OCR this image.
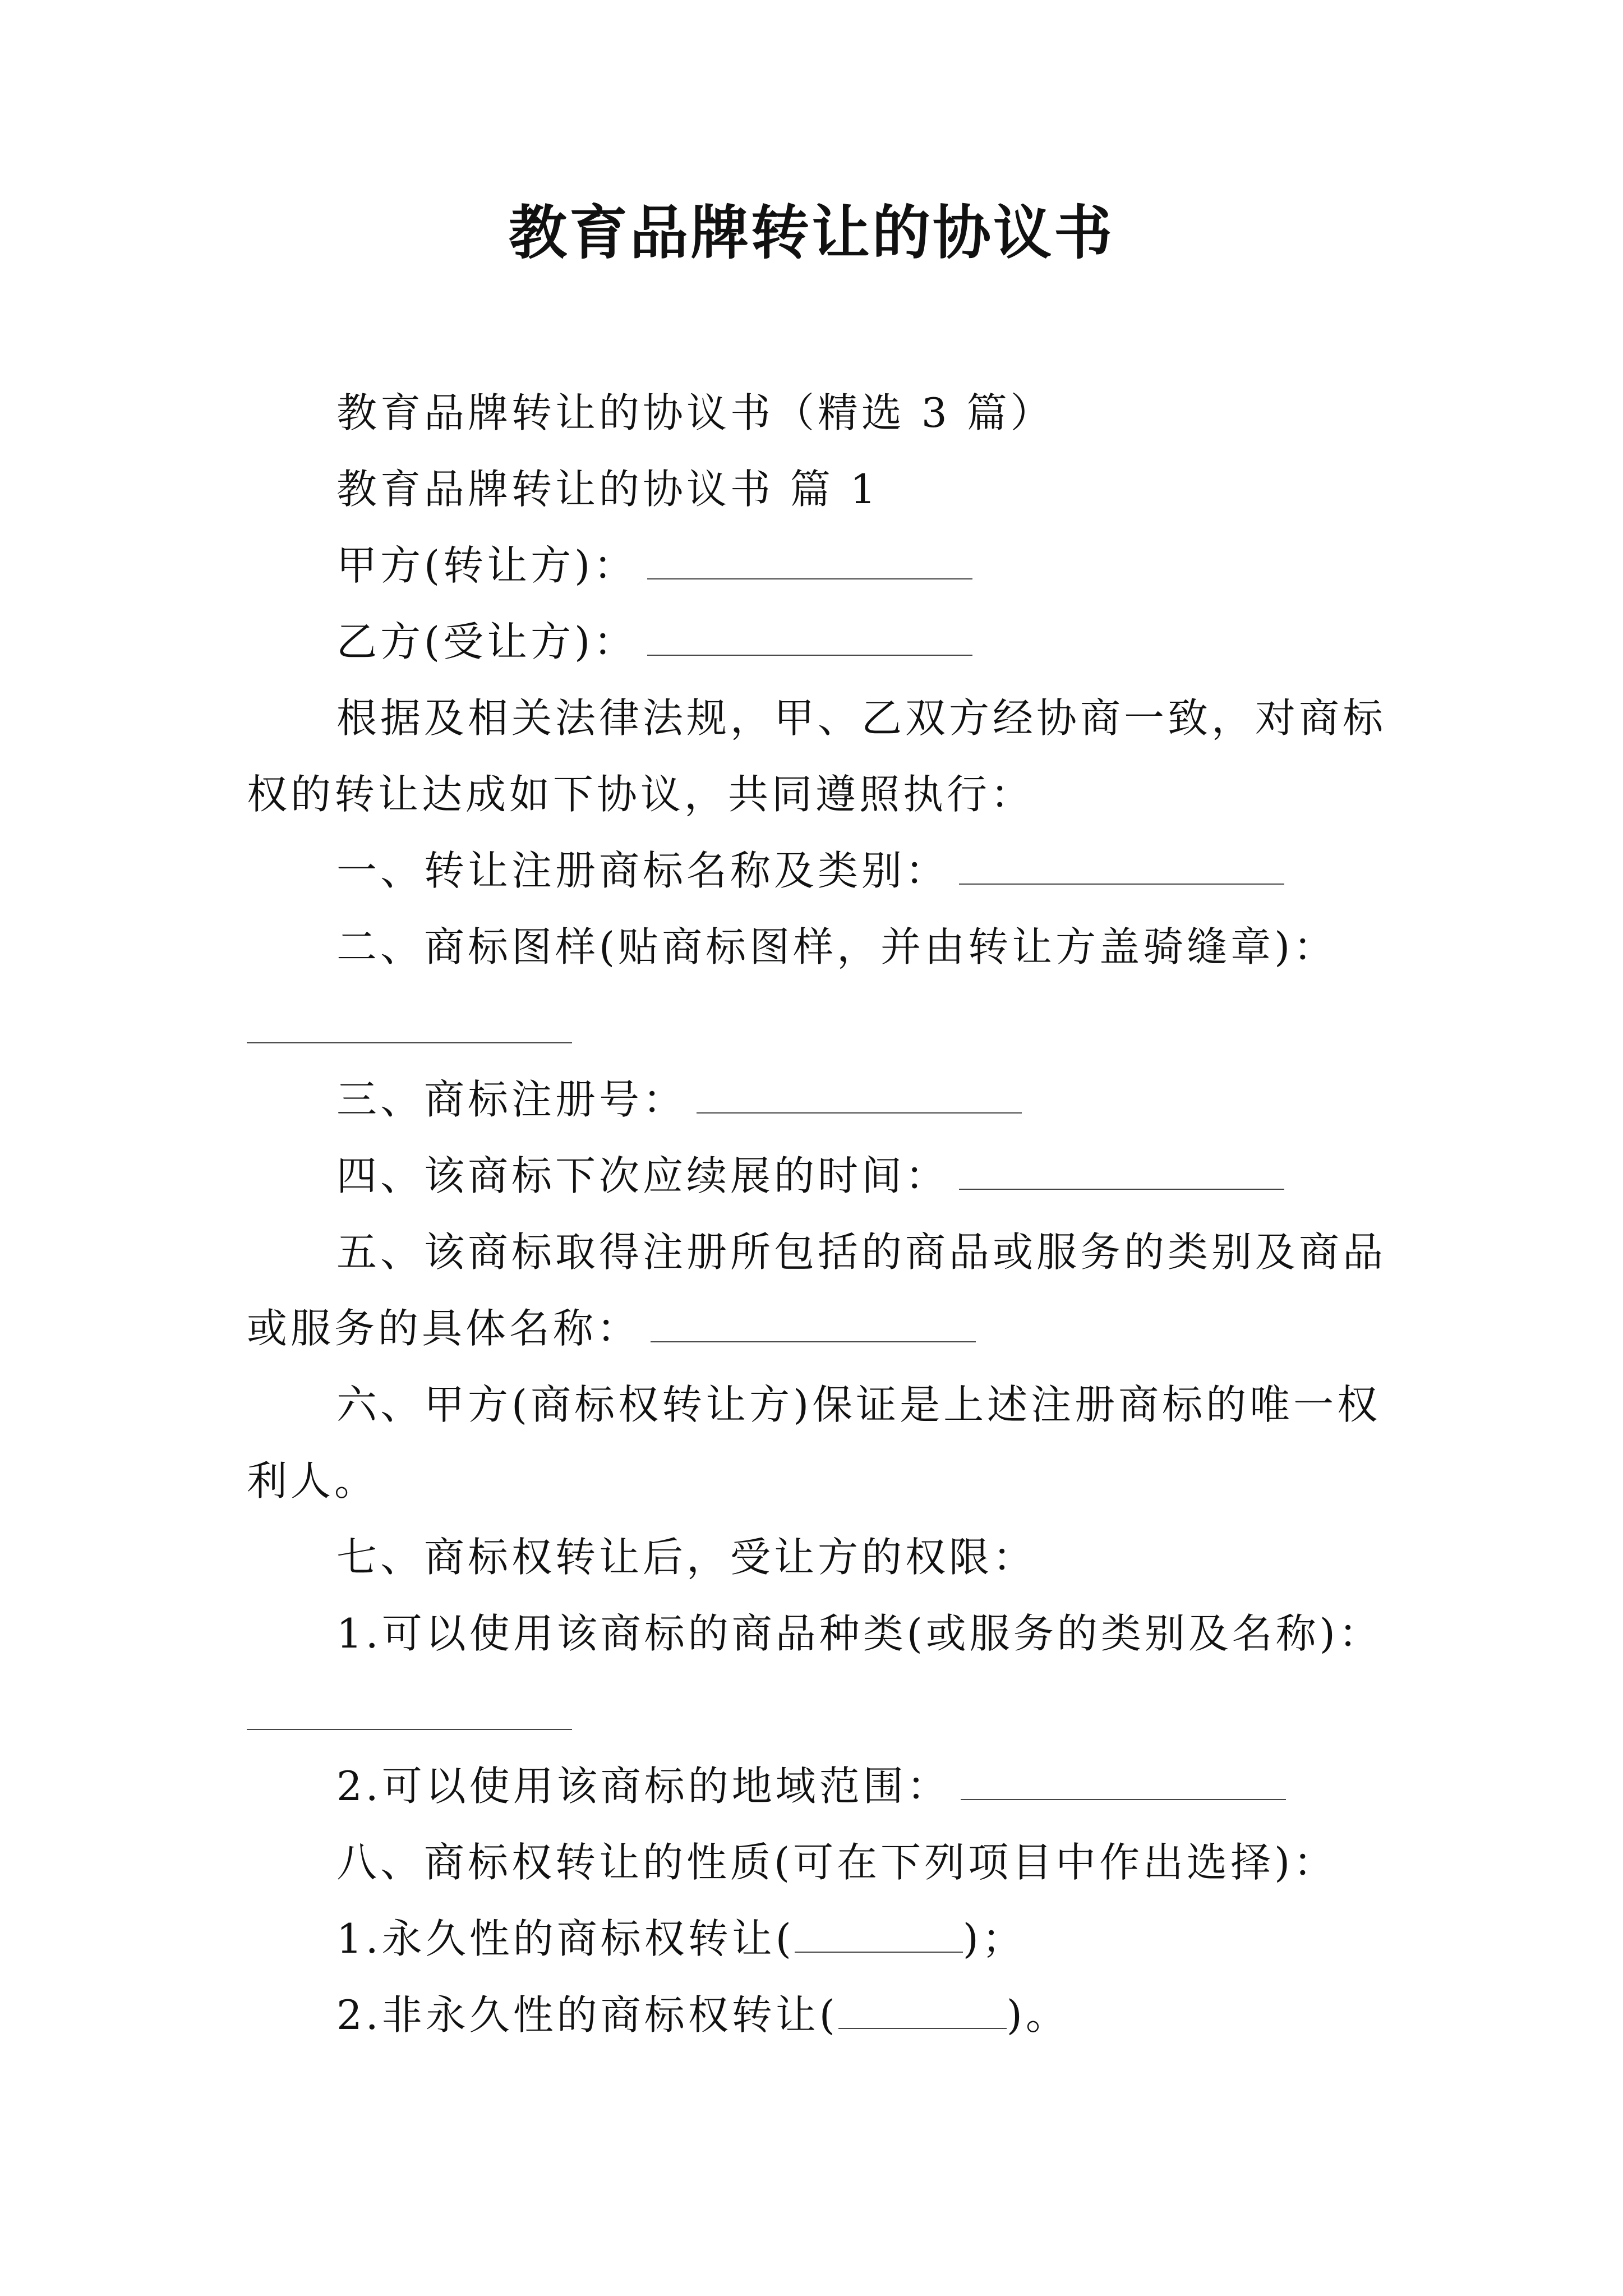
教育品牌转让的协议书
教育品牌转让的协议书（精选 3 篇）
教育品牌转让的协议书 篇 1
甲方(转让方)：
乙方(受让方)：
根据及相关法律法规，甲、乙双方经协商一致，对商标
权的转让达成如下协议，共同遵照执行：
一、转让注册商标名称及类别：
二、商标图样(贴商标图样，并由转让方盖骑缝章)：
三、商标注册号：
四、该商标下次应续展的时间：
五、该商标取得注册所包括的商品或服务的类别及商品
或服务的具体名称：
六、甲方(商标权转让方)保证是上述注册商标的唯一权
利人。
七、商标权转让后，受让方的权限：
1.可以使用该商标的商品种类(或服务的类别及名称)：
2.可以使用该商标的地域范围：
八、商标权转让的性质(可在下列项目中作出选择)：
1.永久性的商标权转让(	)；
2.非永久性的商标权转让(	)。
